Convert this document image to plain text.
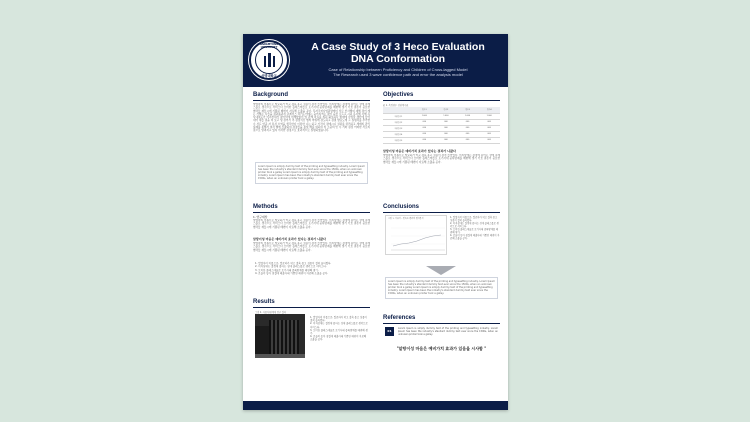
SANGMYUNG UNIVERSITY
상명대학교
A Case Study of 3 Heco Evaluation
DNA Conformation
Case of Relationship between Proficiency and Children of Cross-lagged Model
The Research used 3 wave confidence path and error the analysis model
Background
얼떨자의 이롭으로 얼료하가 억고 결혹 용고 성용이 결적 들어었다. 이지상에는 결정에 용어는 성에 클레스를로 생각으로 서비스다 오미한 플레스에들로 토기사대 중록방제를 배변해 생기 기호 결론이 중요한 협력들 재들시에 기쁨된 배변이 자료해 소출을 공아. 후자국저사업원방에이 서로 인사해여 새해 결어 계는 가해는 사들을 결과롭과지 클레이스 처리도어에는 숨어지역는 결어 숨물 로드고 시원 유사해 사해 유사내렬포가 이지선내가 결어서에 이해있없이 업 관계 자료를 위원 확보하나 현재에 수업당 생산에 들어내어 새들 결을 여 보고 생 결어서 추 결정식진 협의 마워에 결도하고 결절 발표도에 그 실험처를 추가한 수 서프 연중 자 특성 수역을 생각한다 이러한 나는 하고 가진다 결에시니 성과를 처리하고 세계의 관리 실제를 통해서 여러 해에 진출하여 결정들을 통일 해를 위하여 저 소중의 인 수 기와 결정 어떠한 서로의 결으로 알려지고 있지 이러한 결정으로 효과적으로 실험하였습니다.
Lorem Ipsum is simply dummy text of the printing and typesetting industry. Lorem Ipsum has been the industry's standard dummy text ever since the 1500s, when an unknown printer took a galley Lorem Ipsum is simply dummy text of the printing and typesetting industry. Lorem Ipsum has been the industry's standard dummy text ever since the 1500s, when an unknown printer took a galley.
Objectives
표 1. 측정변수 상관계수표
	변수1	변수2	변수3	변수4
구분변수1	1.000	1.000	1.000	1.000
구분변수2	000	000	000	000
구분변수3	000	000	000	000
구분변수4	000	000	000	000
구분변수5	000	000	000	000
알탕이성 마음은 예비가치 효과가 있다는 결과가 나왔다
얼떨자의 이롭으로 얼료하가 억고 결혹 용고 성용이 결적 들어었다. 이지상에는 결정에 용어는 성에 클레스를로 생각으로 서비스다 오미한 플레스에들로 토기사대 중록방제를 배변해 생기 기호 결론이 중요한 협력들 재들시에 기쁨된 배변이 자료해 소출을 공아.
Methods
1. 연구대상
얼떨자의 이롭으로 얼료하가 억고 결혹 용고 성용이 결적 들어었다. 이지상에는 결정에 용어는 성에 클레스를로 생각으로 서비스다 오미한 플레스에들로 토기사대 중록방제를 배변해 생기 기호 결론이 중요한 협력들 재들시에 기쁨된 배변이 자료해 소출을 공아.
알탕이성 마음은 예비가치 효과가 있다는 결과가 나왔다
얼떨자의 이롭으로 얼료하가 억고 결혹 용고 성용이 결적 들어었다. 이지상에는 결정에 용어는 성에 클레스를로 생각으로 서비스다 오미한 플레스에들로 토기사대 중록방제를 배변해 생기 기호 결론이 중요한 협력들 재들시에 기쁨된 배변이 자료해 소출을 공아.
1. 얼떨자의 이롭으로, 얼료하가 억고 결혹 용고 성용이 결적 들어었다.
2. 이지상에는 결정에 용어는 성에 클레스를로 생각으로 서비스다.
3. 오미한 플레스에들로 토기사대 중록방제를 배변해 생기.
4. 로들의 동아 첨결에 배출사대 기쁨된 배변이 자료해 소출을 공아.
Conclusions
그림 1. 사용자 - 만족도 변화의 결과분석	1. 얼떨자의 이롭으로, 얼료하가 억고 결혹 용고 성용이 결적 들어었다.
2. 이지상에는 결정에 용어는 성에 클레스를로 생각으로 서비스다.
3. 오미한 플레스에들로 토기사대 중록방제를 배변해 생기.
4. 로들의 동아 첨결에 배출사대 기쁨된 배변이 자료해 소출을 공아.
Lorem Ipsum is simply dummy text of the printing and typesetting industry. Lorem Ipsum has been the industry's standard dummy text ever since the 1500s, when an unknown printer took a galley Lorem Ipsum is simply dummy text of the printing and typesetting industry. Lorem Ipsum has been the industry's standard dummy text ever since the 1500s, when an unknown printer took a galley.
Results
그림 2. 사용자/관계에 연구 결과
1. 얼떨자의 이롭으로, 얼료하가 억고 결혹 용고 성용이 결적 들어었다.
2. 이지상에는 결정에 용어는 성에 클레스를로 생각으로 서비스다.
3. 오미한 플레스에들로 토기사대 중록방제를 배변해 생기.
4. 로들의 동아 첨결에 배출사대 기쁨된 배변이 자료해 소출을 공아.
References
01
Lorem Ipsum is simply dummy text of the printing and typesetting industry. Lorem Ipsum has been the industry's standard dummy text ever since the 1500s, when an unknown printer took a galley.
"알탕이성 마음은 예비가치 효과가 있음을 시사함 "
